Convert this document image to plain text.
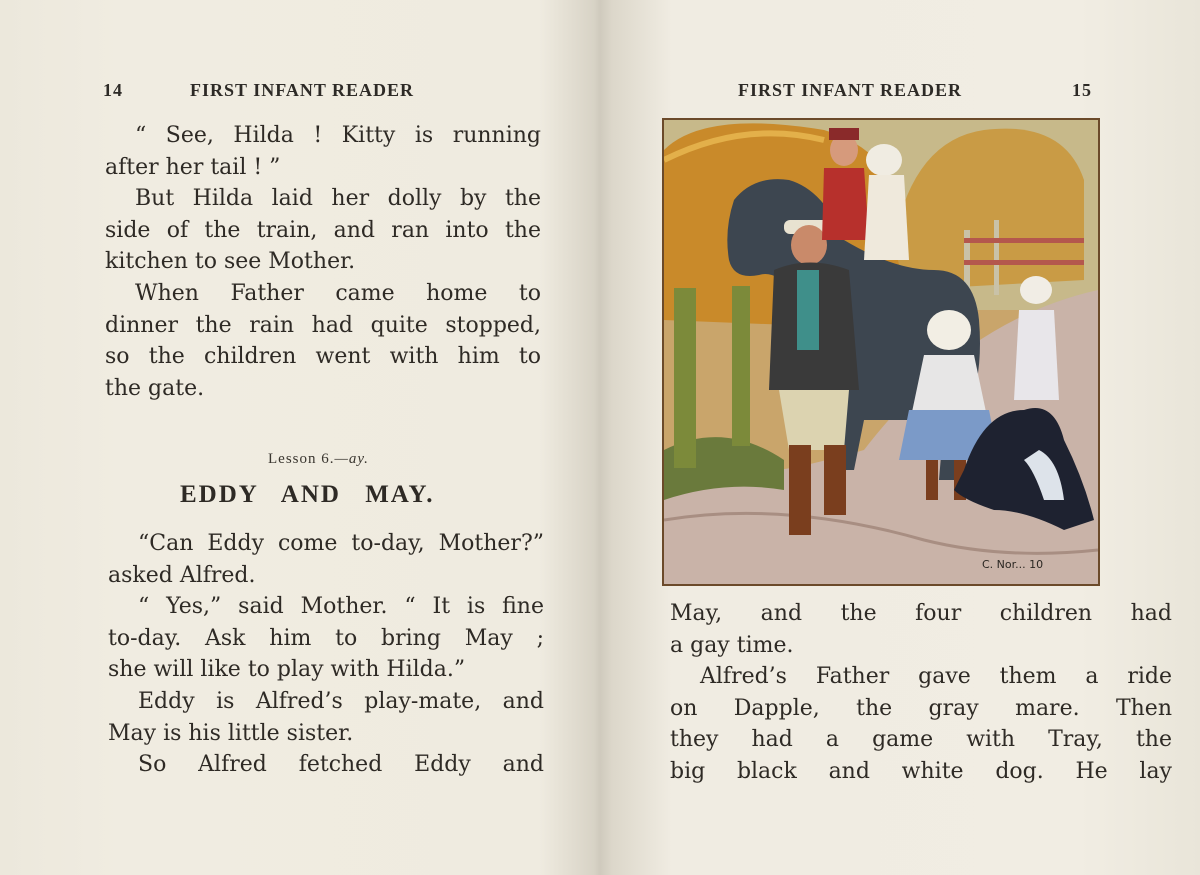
14	FIRST INFANT READER

“ See, Hilda ! Kitty is running

after her tail ! ”

But Hilda laid her dolly by the

side of the train, and ran into the

kitchen to see Mother.

When Father came home to

dinner the rain had quite stopped,

so the children went with him to

the gate.

Lesson 6.—ay.
EDDY AND MAY.

“Can Eddy come to-day, Mother?”

asked Alfred.

“ Yes,” said Mother. “ It is fine

to-day. Ask him to bring May ;

she will like to play with Hilda.”

Eddy is Alfred’s play-mate, and

May is his little sister.

So Alfred fetched Eddy and

FIRST INFANT READER	15
C. Nor... 10

May, and the four children had

a gay time.

Alfred’s Father gave them a ride

on Dapple, the gray mare. Then

they had a game with Tray, the

big black and white dog. He lay
